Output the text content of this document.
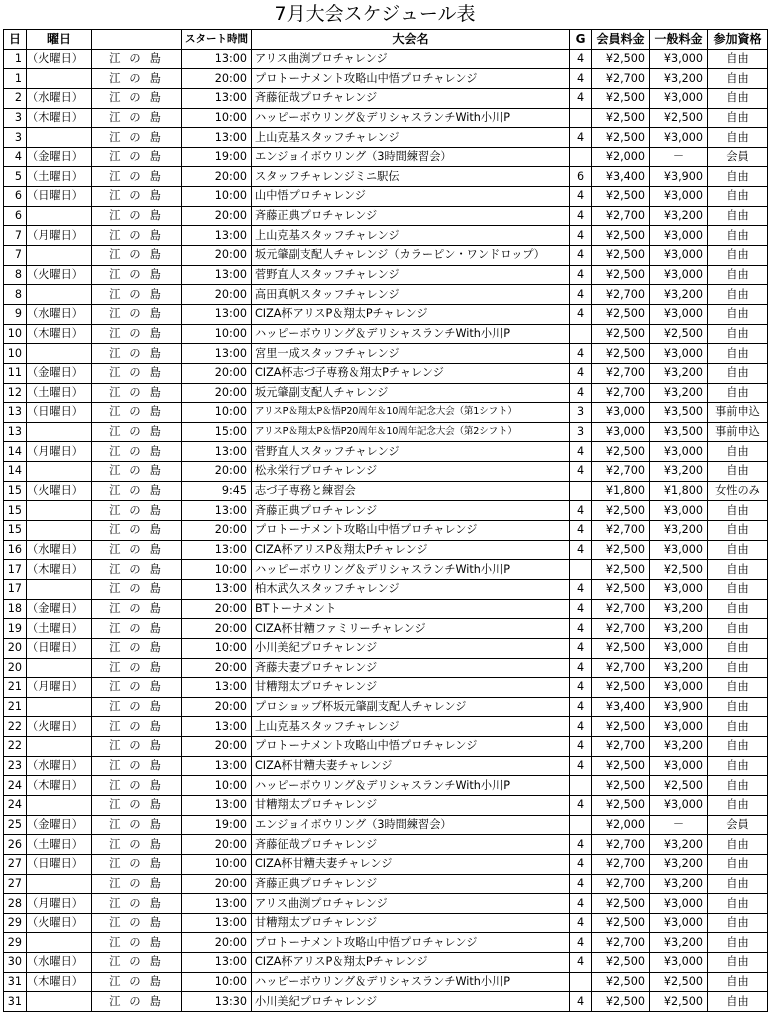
7月大会スケジュール表
日	曜日		スタート時間	大会名	G	会員料金	一般料金	参加資格
1	（火曜日）	江の島	13:00	アリス曲渕プロチャレンジ	4	¥2,500	¥3,000	自由
1		江の島	20:00	プロトーナメント攻略山中悟プロチャレンジ	4	¥2,700	¥3,200	自由
2	（水曜日）	江の島	13:00	斉藤征哉プロチャレンジ	4	¥2,500	¥3,000	自由
3	（木曜日）	江の島	10:00	ハッピーボウリング＆デリシャスランチWith小川P		¥2,500	¥2,500	自由
3		江の島	13:00	上山克基スタッフチャレンジ	4	¥2,500	¥3,000	自由
4	（金曜日）	江の島	19:00	エンジョイボウリング（3時間練習会）		¥2,000	－	会員
5	（土曜日）	江の島	20:00	スタッフチャレンジミニ駅伝	6	¥3,400	¥3,900	自由
6	（日曜日）	江の島	10:00	山中悟プロチャレンジ	4	¥2,500	¥3,000	自由
6		江の島	20:00	斉藤正典プロチャレンジ	4	¥2,700	¥3,200	自由
7	（月曜日）	江の島	13:00	上山克基スタッフチャレンジ	4	¥2,500	¥3,000	自由
7		江の島	20:00	坂元肇副支配人チャレンジ（カラーピン・ワンドロップ）	4	¥2,500	¥3,000	自由
8	（火曜日）	江の島	13:00	菅野直人スタッフチャレンジ	4	¥2,500	¥3,000	自由
8		江の島	20:00	高田真帆スタッフチャレンジ	4	¥2,700	¥3,200	自由
9	（水曜日）	江の島	13:00	CIZA杯アリスP＆翔太Pチャレンジ	4	¥2,500	¥3,000	自由
10	（木曜日）	江の島	10:00	ハッピーボウリング＆デリシャスランチWith小川P		¥2,500	¥2,500	自由
10		江の島	13:00	宮里一成スタッフチャレンジ	4	¥2,500	¥3,000	自由
11	（金曜日）	江の島	20:00	CIZA杯志づ子専務＆翔太Pチャレンジ	4	¥2,700	¥3,200	自由
12	（土曜日）	江の島	20:00	坂元肇副支配人チャレンジ	4	¥2,700	¥3,200	自由
13	（日曜日）	江の島	10:00	アリスP＆翔太P＆悟P20周年＆10周年記念大会（第1シフト）	3	¥3,000	¥3,500	事前申込
13		江の島	15:00	アリスP＆翔太P＆悟P20周年＆10周年記念大会（第2シフト）	3	¥3,000	¥3,500	事前申込
14	（月曜日）	江の島	13:00	菅野直人スタッフチャレンジ	4	¥2,500	¥3,000	自由
14		江の島	20:00	松永栄行プロチャレンジ	4	¥2,700	¥3,200	自由
15	（火曜日）	江の島	9:45	志づ子専務と練習会		¥1,800	¥1,800	女性のみ
15		江の島	13:00	斉藤正典プロチャレンジ	4	¥2,500	¥3,000	自由
15		江の島	20:00	プロトーナメント攻略山中悟プロチャレンジ	4	¥2,700	¥3,200	自由
16	（水曜日）	江の島	13:00	CIZA杯アリスP＆翔太Pチャレンジ	4	¥2,500	¥3,000	自由
17	（木曜日）	江の島	10:00	ハッピーボウリング＆デリシャスランチWith小川P		¥2,500	¥2,500	自由
17		江の島	13:00	柏木武久スタッフチャレンジ	4	¥2,500	¥3,000	自由
18	（金曜日）	江の島	20:00	BTトーナメント	4	¥2,700	¥3,200	自由
19	（土曜日）	江の島	20:00	CIZA杯甘糟ファミリーチャレンジ	4	¥2,700	¥3,200	自由
20	（日曜日）	江の島	10:00	小川美紀プロチャレンジ	4	¥2,500	¥3,000	自由
20		江の島	20:00	斉藤夫妻プロチャレンジ	4	¥2,700	¥3,200	自由
21	（月曜日）	江の島	13:00	甘糟翔太プロチャレンジ	4	¥2,500	¥3,000	自由
21		江の島	20:00	プロショップ杯坂元肇副支配人チャレンジ	4	¥3,400	¥3,900	自由
22	（火曜日）	江の島	13:00	上山克基スタッフチャレンジ	4	¥2,500	¥3,000	自由
22		江の島	20:00	プロトーナメント攻略山中悟プロチャレンジ	4	¥2,700	¥3,200	自由
23	（水曜日）	江の島	13:00	CIZA杯甘糟夫妻チャレンジ	4	¥2,500	¥3,000	自由
24	（木曜日）	江の島	10:00	ハッピーボウリング＆デリシャスランチWith小川P		¥2,500	¥2,500	自由
24		江の島	13:00	甘糟翔太プロチャレンジ	4	¥2,500	¥3,000	自由
25	（金曜日）	江の島	19:00	エンジョイボウリング（3時間練習会）		¥2,000	－	会員
26	（土曜日）	江の島	20:00	斉藤征哉プロチャレンジ	4	¥2,700	¥3,200	自由
27	（日曜日）	江の島	10:00	CIZA杯甘糟夫妻チャレンジ	4	¥2,700	¥3,200	自由
27		江の島	20:00	斉藤正典プロチャレンジ	4	¥2,700	¥3,200	自由
28	（月曜日）	江の島	13:00	アリス曲渕プロチャレンジ	4	¥2,500	¥3,000	自由
29	（火曜日）	江の島	13:00	甘糟翔太プロチャレンジ	4	¥2,500	¥3,000	自由
29		江の島	20:00	プロトーナメント攻略山中悟プロチャレンジ	4	¥2,700	¥3,200	自由
30	（水曜日）	江の島	13:00	CIZA杯アリスP＆翔太Pチャレンジ	4	¥2,500	¥3,000	自由
31	（木曜日）	江の島	10:00	ハッピーボウリング＆デリシャスランチWith小川P		¥2,500	¥2,500	自由
31		江の島	13:30	小川美紀プロチャレンジ	4	¥2,500	¥2,500	自由
